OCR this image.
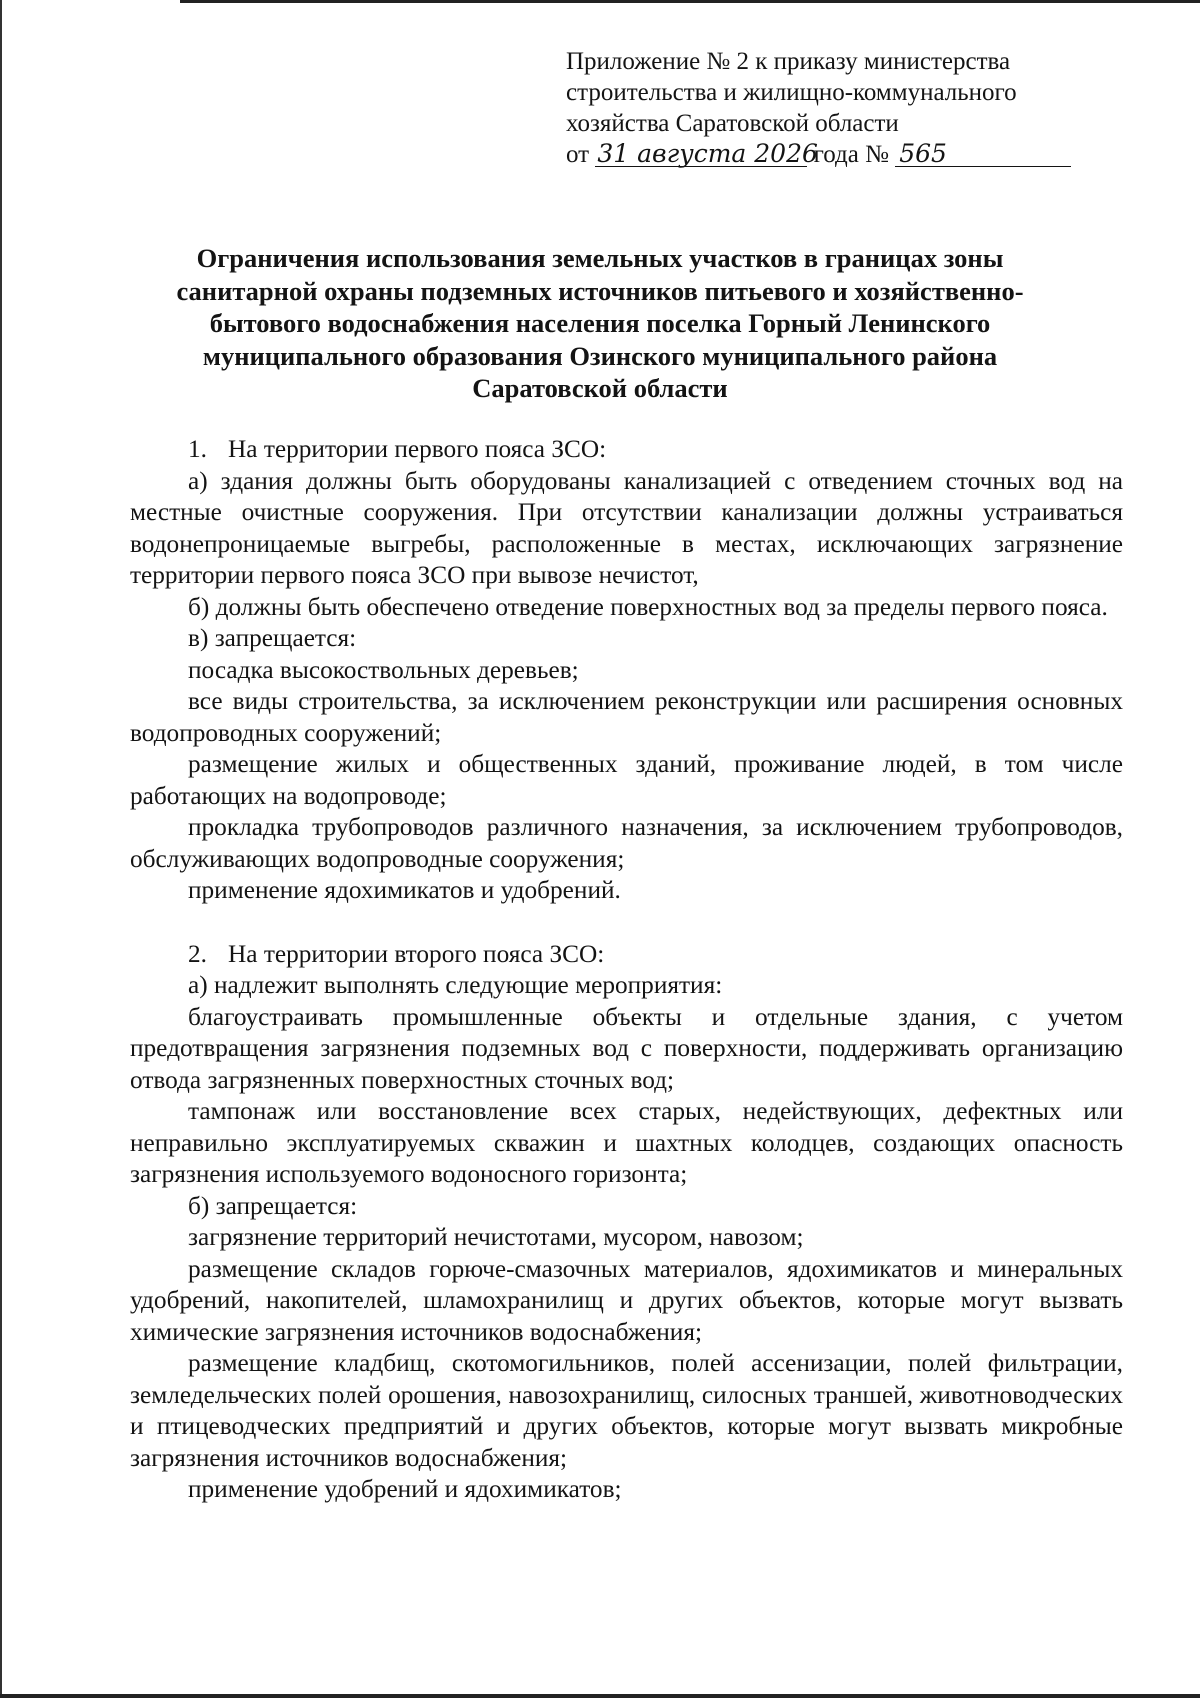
Приложение № 2 к приказу министерства
строительства и жилищно-коммунального
хозяйства Саратовской области
от 31 августа 2026 года № 565
Ограничения использования земельных участков в границах зоны санитарной охраны подземных источников питьевого и хозяйственно-бытового водоснабжения населения поселка Горный Ленинского муниципального образования Озинского муниципального района Саратовской области

1. На территории первого пояса ЗСО:

а) здания должны быть оборудованы канализацией с отведением сточных вод на местные очистные сооружения. При отсутствии канализации должны устраиваться водонепроницаемые выгребы, расположенные в местах, исключающих загрязнение территории первого пояса ЗСО при вывозе нечистот,

б) должны быть обеспечено отведение поверхностных вод за пределы первого пояса.

в) запрещается:

посадка высокоствольных деревьев;

все виды строительства, за исключением реконструкции или расширения основных водопроводных сооружений;

размещение жилых и общественных зданий, проживание людей, в том числе работающих на водопроводе;

прокладка трубопроводов различного назначения, за исключением трубопроводов, обслуживающих водопроводные сооружения;

применение ядохимикатов и удобрений.

2. На территории второго пояса ЗСО:

а) надлежит выполнять следующие мероприятия:

благоустраивать промышленные объекты и отдельные здания, с учетом предотвращения загрязнения подземных вод с поверхности, поддерживать организацию отвода загрязненных поверхностных сточных вод;

тампонаж или восстановление всех старых, недействующих, дефектных или неправильно эксплуатируемых скважин и шахтных колодцев, создающих опасность загрязнения используемого водоносного горизонта;

б) запрещается:

загрязнение территорий нечистотами, мусором, навозом;

размещение складов горюче-смазочных материалов, ядохимикатов и минеральных удобрений, накопителей, шламохранилищ и других объектов, которые могут вызвать химические загрязнения источников водоснабжения;

размещение кладбищ, скотомогильников, полей ассенизации, полей фильтрации, земледельческих полей орошения, навозохранилищ, силосных траншей, животноводческих и птицеводческих предприятий и других объектов, которые могут вызвать микробные загрязнения источников водоснабжения;

применение удобрений и ядохимикатов;
